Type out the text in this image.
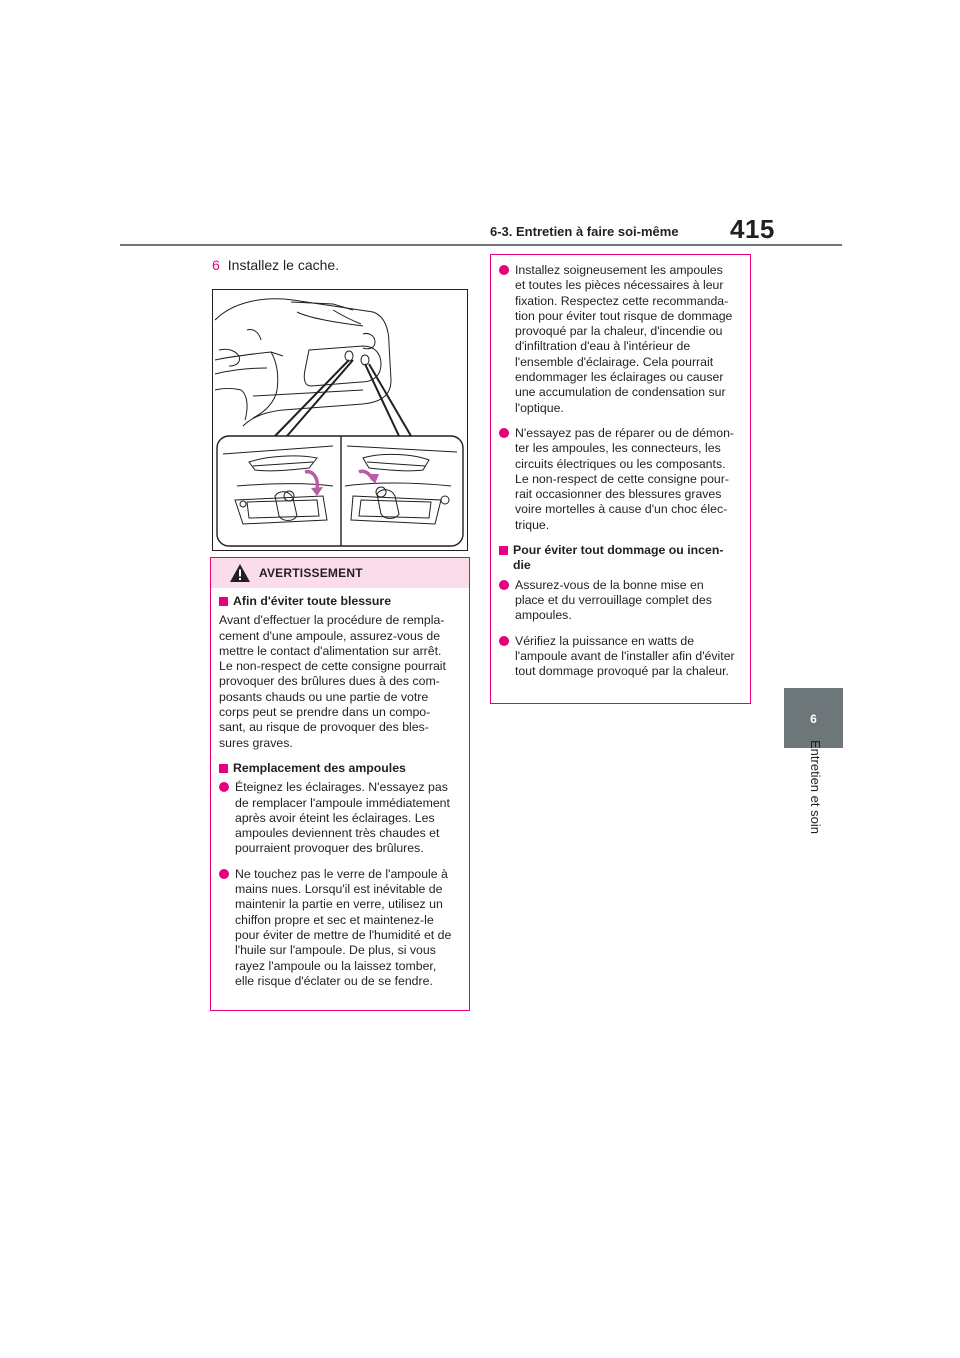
6-3. Entretien à faire soi-même 415
6
Entretien et soin
6 Installez le cache.
AVERTISSEMENT
Afin d'éviter toute blessure
Avant d'effectuer la procédure de rempla-
cement d'une ampoule, assurez-vous de
mettre le contact d'alimentation sur arrêt.
Le non-respect de cette consigne pourrait
provoquer des brûlures dues à des com-
posants chauds ou une partie de votre
corps peut se prendre dans un compo-
sant, au risque de provoquer des bles-
sures graves.
Remplacement des ampoules
Éteignez les éclairages. N'essayez pas
de remplacer l'ampoule immédiatement
après avoir éteint les éclairages. Les
ampoules deviennent très chaudes et
pourraient provoquer des brûlures.
Ne touchez pas le verre de l'ampoule à
mains nues. Lorsqu'il est inévitable de
maintenir la partie en verre, utilisez un
chiffon propre et sec et maintenez-le
pour éviter de mettre de l'humidité et de
l'huile sur l'ampoule. De plus, si vous
rayez l'ampoule ou la laissez tomber,
elle risque d'éclater ou de se fendre.
Installez soigneusement les ampoules
et toutes les pièces nécessaires à leur
fixation. Respectez cette recommanda-
tion pour éviter tout risque de dommage
provoqué par la chaleur, d'incendie ou
d'infiltration d'eau à l'intérieur de
l'ensemble d'éclairage. Cela pourrait
endommager les éclairages ou causer
une accumulation de condensation sur
l'optique.
N'essayez pas de réparer ou de démon-
ter les ampoules, les connecteurs, les
circuits électriques ou les composants.
Le non-respect de cette consigne pour-
rait occasionner des blessures graves
voire mortelles à cause d'un choc élec-
trique.
Pour éviter tout dommage ou incen-
die
Assurez-vous de la bonne mise en
place et du verrouillage complet des
ampoules.
Vérifiez la puissance en watts de
l'ampoule avant de l'installer afin d'éviter
tout dommage provoqué par la chaleur.
